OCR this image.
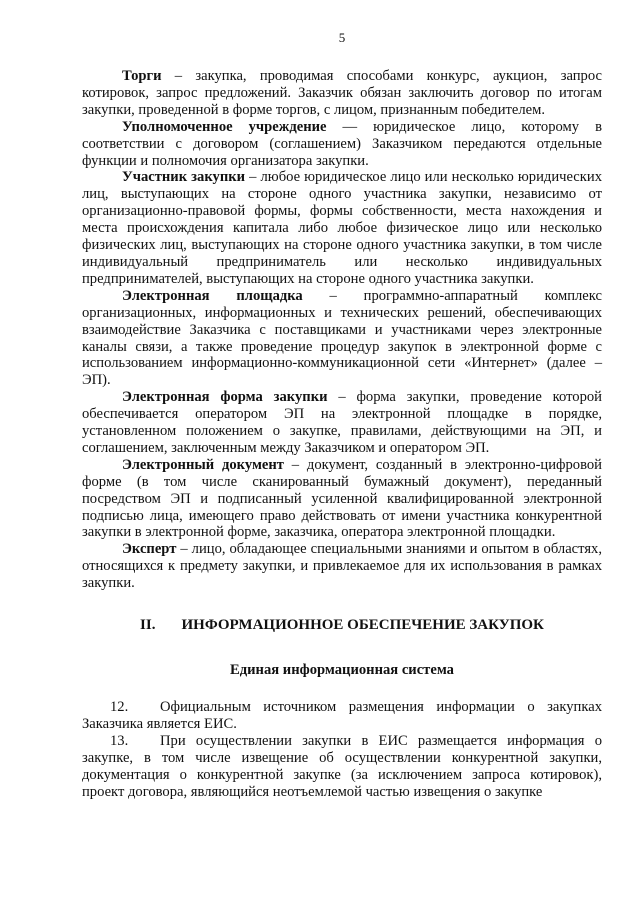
5

Торги – закупка, проводимая способами конкурс, аукцион, запрос котировок, запрос предложений. Заказчик обязан заключить договор по итогам закупки, проведенной в форме торгов, с лицом, признанным победителем.

Уполномоченное учреждение — юридическое лицо, которому в соответствии с договором (соглашением) Заказчиком передаются отдельные функции и полномочия организатора закупки.

Участник закупки – любое юридическое лицо или несколько юридических лиц, выступающих на стороне одного участника закупки, независимо от организационно-правовой формы, формы собственности, места нахождения и места происхождения капитала либо любое физическое лицо или несколько физических лиц, выступающих на стороне одного участника закупки, в том числе индивидуальный предприниматель или несколько индивидуальных предпринимателей, выступающих на стороне одного участника закупки.

Электронная площадка – программно-аппаратный комплекс организационных, информационных и технических решений, обеспечивающих взаимодействие Заказчика с поставщиками и участниками через электронные каналы связи, а также проведение процедур закупок в электронной форме с использованием информационно-коммуникационной сети «Интернет» (далее – ЭП).

Электронная форма закупки – форма закупки, проведение которой обеспечивается оператором ЭП на электронной площадке в порядке, установленном положением о закупке, правилами, действующими на ЭП, и соглашением, заключенным между Заказчиком и оператором ЭП.

Электронный документ – документ, созданный в электронно-цифровой форме (в том числе сканированный бумажный документ), переданный посредством ЭП и подписанный усиленной квалифицированной электронной подписью лица, имеющего право действовать от имени участника конкурентной закупки в электронной форме, заказчика, оператора электронной площадки.

Эксперт – лицо, обладающее специальными знаниями и опытом в областях, относящихся к предмету закупки, и привлекаемое для их использования в рамках закупки.

II. ИНФОРМАЦИОННОЕ ОБЕСПЕЧЕНИЕ ЗАКУПОК
Единая информационная система

12. Официальным источником размещения информации о закупках Заказчика является ЕИС.

13. При осуществлении закупки в ЕИС размещается информация о закупке, в том числе извещение об осуществлении конкурентной закупки, документация о конкурентной закупке (за исключением запроса котировок), проект договора, являющийся неотъемлемой частью извещения о закупке
